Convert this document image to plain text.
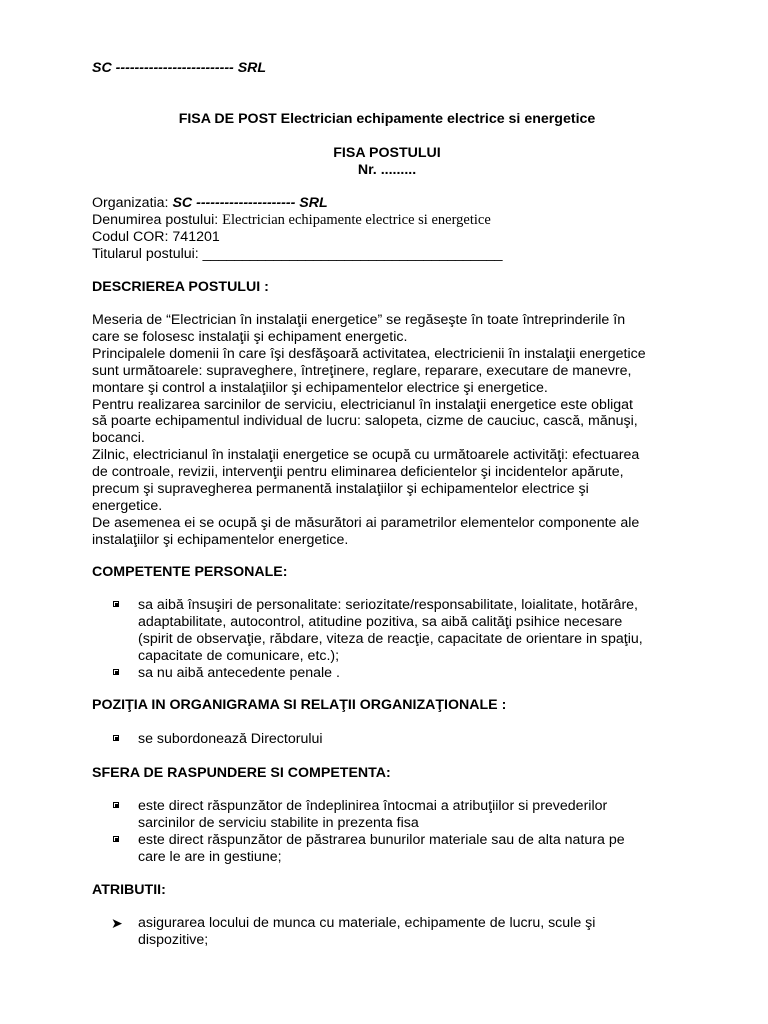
SC ------------------------- SRL
FISA DE POST Electrician echipamente electrice si energetice
FISA POSTULUI
Nr. .........
Organizatia: SC --------------------- SRL
Denumirea postului: Electrician echipamente electrice si energetice
Codul COR: 741201
Titularul postului: ______________________________________
DESCRIEREA POSTULUI :

Meseria de “Electrician în instalaţii energetice” se regăseşte în toate întreprinderile în

care se folosesc instalaţii şi echipament energetic.

Principalele domenii în care îşi desfăşoară activitatea, electricienii în instalaţii energetice

sunt următoarele: supraveghere, întreţinere, reglare, reparare, executare de manevre,

montare şi control a instalaţiilor şi echipamentelor electrice şi energetice.

Pentru realizarea sarcinilor de serviciu, electricianul în instalaţii energetice este obligat

să poarte echipamentul individual de lucru: salopeta, cizme de cauciuc, cască, mănuşi,

bocanci.

Zilnic, electricianul în instalaţii energetice se ocupă cu următoarele activităţi: efectuarea

de controale, revizii, intervenţii pentru eliminarea deficientelor şi incidentelor apărute,

precum şi supravegherea permanentă instalaţiilor şi echipamentelor electrice şi

energetice.

De asemenea ei se ocupă şi de măsurători ai parametrilor elementelor componente ale

instalaţiilor şi echipamentelor energetice.

COMPETENTE PERSONALE:
sa aibă însuşiri de personalitate: seriozitate/responsabilitate, loialitate, hotărâre,
adaptabilitate, autocontrol, atitudine pozitiva, sa aibă calităţi psihice necesare
(spirit de observaţie, răbdare, viteza de reacţie, capacitate de orientare in spaţiu,
capacitate de comunicare, etc.);
sa nu aibă antecedente penale .
POZIŢIA IN ORGANIGRAMA SI RELAŢII ORGANIZAŢIONALE :
se subordonează Directorului
SFERA DE RASPUNDERE SI COMPETENTA:
este direct răspunzător de îndeplinirea întocmai a atribuţiilor si prevederilor
sarcinilor de serviciu stabilite in prezenta fisa
este direct răspunzător de păstrarea bunurilor materiale sau de alta natura pe
care le are in gestiune;
ATRIBUTII:
➤ asigurarea locului de munca cu materiale, echipamente de lucru, scule şi
dispozitive;
